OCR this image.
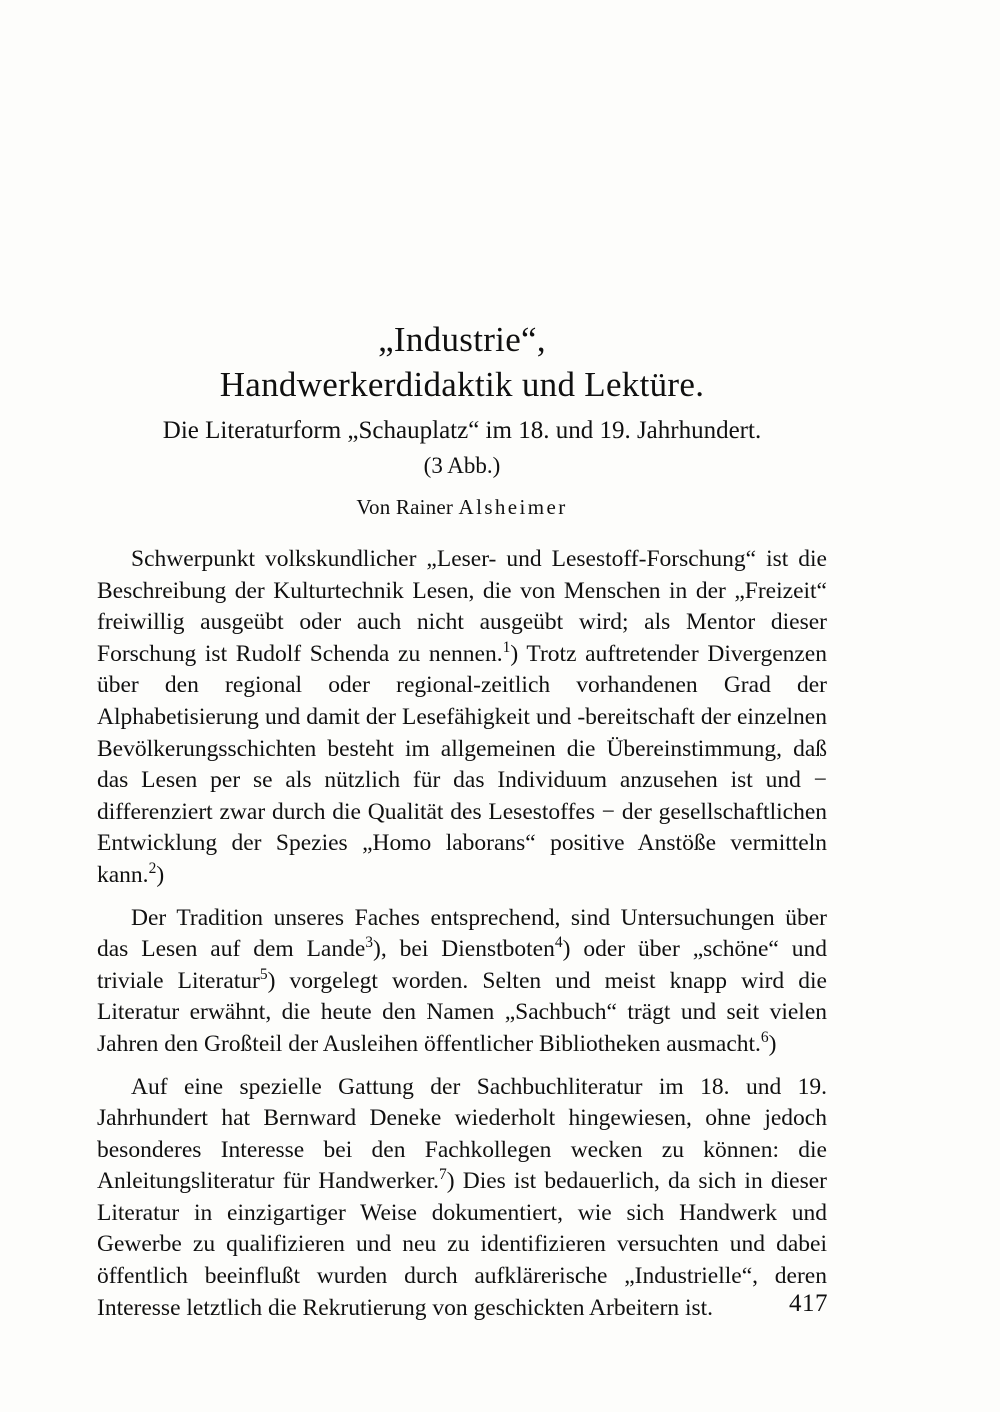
„Industrie“,
Handwerkerdidaktik und Lektüre.

Die Literaturform „Schauplatz“ im 18. und 19. Jahrhundert.

(3 Abb.)

Von Rainer Alsheimer

Schwerpunkt volkskundlicher „Leser- und Lesestoff-Forschung“ ist die Beschreibung der Kulturtechnik Lesen, die von Menschen in der „Freizeit“ freiwillig ausgeübt oder auch nicht ausgeübt wird; als Mentor dieser Forschung ist Rudolf Schenda zu nennen.$^1$) Trotz auftretender Divergenzen über den regional oder regional-zeitlich vorhandenen Grad der Alphabetisierung und damit der Lesefähigkeit und -bereitschaft der einzelnen Bevölkerungsschichten besteht im allgemeinen die Übereinstimmung, daß das Lesen per se als nützlich für das Individuum anzusehen ist und − differenziert zwar durch die Qualität des Lesestoffes − der gesellschaftlichen Entwicklung der Spezies „Homo laborans“ positive Anstöße vermitteln kann.$^2$)

Der Tradition unseres Faches entsprechend, sind Untersuchungen über das Lesen auf dem Lande$^3$), bei Dienstboten$^4$) oder über „schöne“ und triviale Literatur$^5$) vorgelegt worden. Selten und meist knapp wird die Literatur erwähnt, die heute den Namen „Sachbuch“ trägt und seit vielen Jahren den Großteil der Ausleihen öffentlicher Bibliotheken ausmacht.$^6$)

Auf eine spezielle Gattung der Sachbuchliteratur im 18. und 19. Jahrhundert hat Bernward Deneke wiederholt hingewiesen, ohne jedoch besonderes Interesse bei den Fachkollegen wecken zu können: die Anleitungsliteratur für Handwerker.$^7$) Dies ist bedauerlich, da sich in dieser Literatur in einzigartiger Weise dokumentiert, wie sich Handwerk und Gewerbe zu qualifizieren und neu zu identifizieren versuchten und dabei öffentlich beeinflußt wurden durch aufklärerische „Industrielle“, deren Interesse letztlich die Rekrutierung von geschickten Arbeitern ist.	417
